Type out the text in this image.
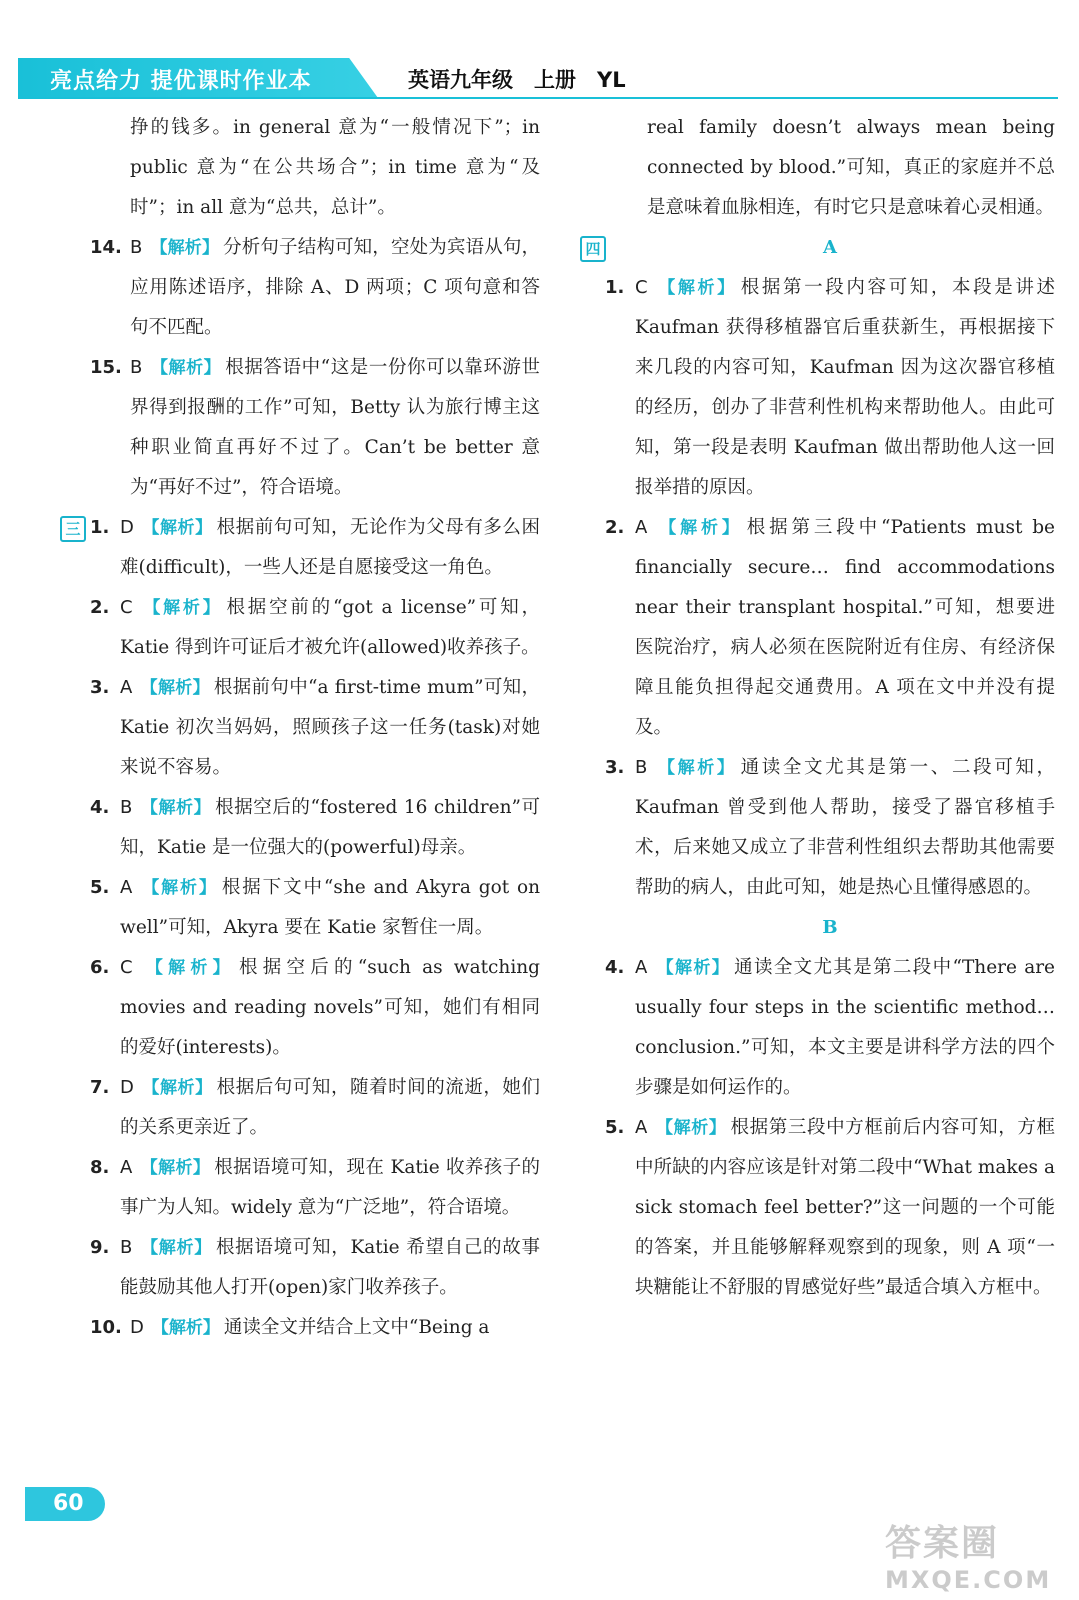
亮点给力 提优课时作业本	英语九年级　上册　YL

挣的钱多。in general 意为“一般情况下”；in public 意为“在公共场合”；in time 意为“及时”；in all 意为“总共，总计”。

14. B 【解析】 分析句子结构可知，空处为宾语从句，应用陈述语序，排除 A、D 两项；C 项句意和答句不匹配。

15. B 【解析】 根据答语中“这是一份你可以靠环游世界得到报酬的工作”可知，Betty 认为旅行博主这种职业简直再好不过了。Can’t be better 意为“再好不过”，符合语境。

三 1. D 【解析】 根据前句可知，无论作为父母有多么困难(difficult)，一些人还是自愿接受这一角色。

2. C 【解析】 根据空前的“got a license”可知，Katie 得到许可证后才被允许(allowed)收养孩子。

3. A 【解析】 根据前句中“a first-time mum”可知，Katie 初次当妈妈，照顾孩子这一任务(task)对她来说不容易。

4. B 【解析】 根据空后的“fostered 16 children”可知，Katie 是一位强大的(powerful)母亲。

5. A 【解析】 根据下文中“she and Akyra got on well”可知，Akyra 要在 Katie 家暂住一周。

6. C 【解析】 根据空后的“such as watching movies and reading novels”可知，她们有相同的爱好(interests)。

7. D 【解析】 根据后句可知，随着时间的流逝，她们的关系更亲近了。

8. A 【解析】 根据语境可知，现在 Katie 收养孩子的事广为人知。widely 意为“广泛地”，符合语境。

9. B 【解析】 根据语境可知，Katie 希望自己的故事能鼓励其他人打开(open)家门收养孩子。

10. D 【解析】 通读全文并结合上文中“Being a

real family doesn’t always mean being connected by blood.”可知，真正的家庭并不总是意味着血脉相连，有时它只是意味着心灵相通。

四	A

1. C 【解析】 根据第一段内容可知，本段是讲述 Kaufman 获得移植器官后重获新生，再根据接下来几段的内容可知，Kaufman 因为这次器官移植的经历，创办了非营利性机构来帮助他人。由此可知，第一段是表明 Kaufman 做出帮助他人这一回报举措的原因。

2. A 【解析】 根据第三段中“Patients must be financially secure… find accommodations near their transplant hospital.”可知，想要进医院治疗，病人必须在医院附近有住房、有经济保障且能负担得起交通费用。A 项在文中并没有提及。

3. B 【解析】 通读全文尤其是第一、二段可知，Kaufman 曾受到他人帮助，接受了器官移植手术，后来她又成立了非营利性组织去帮助其他需要帮助的病人，由此可知，她是热心且懂得感恩的。

B

4. A 【解析】 通读全文尤其是第二段中“There are usually four steps in the scientific method… conclusion.”可知，本文主要是讲科学方法的四个步骤是如何运作的。

5. A 【解析】 根据第三段中方框前后内容可知，方框中所缺的内容应该是针对第二段中“What makes a sick stomach feel better?”这一问题的一个可能的答案，并且能够解释观察到的现象，则 A 项“一块糖能让不舒服的胃感觉好些”最适合填入方框中。

60
答案圈
MXQE.COM
